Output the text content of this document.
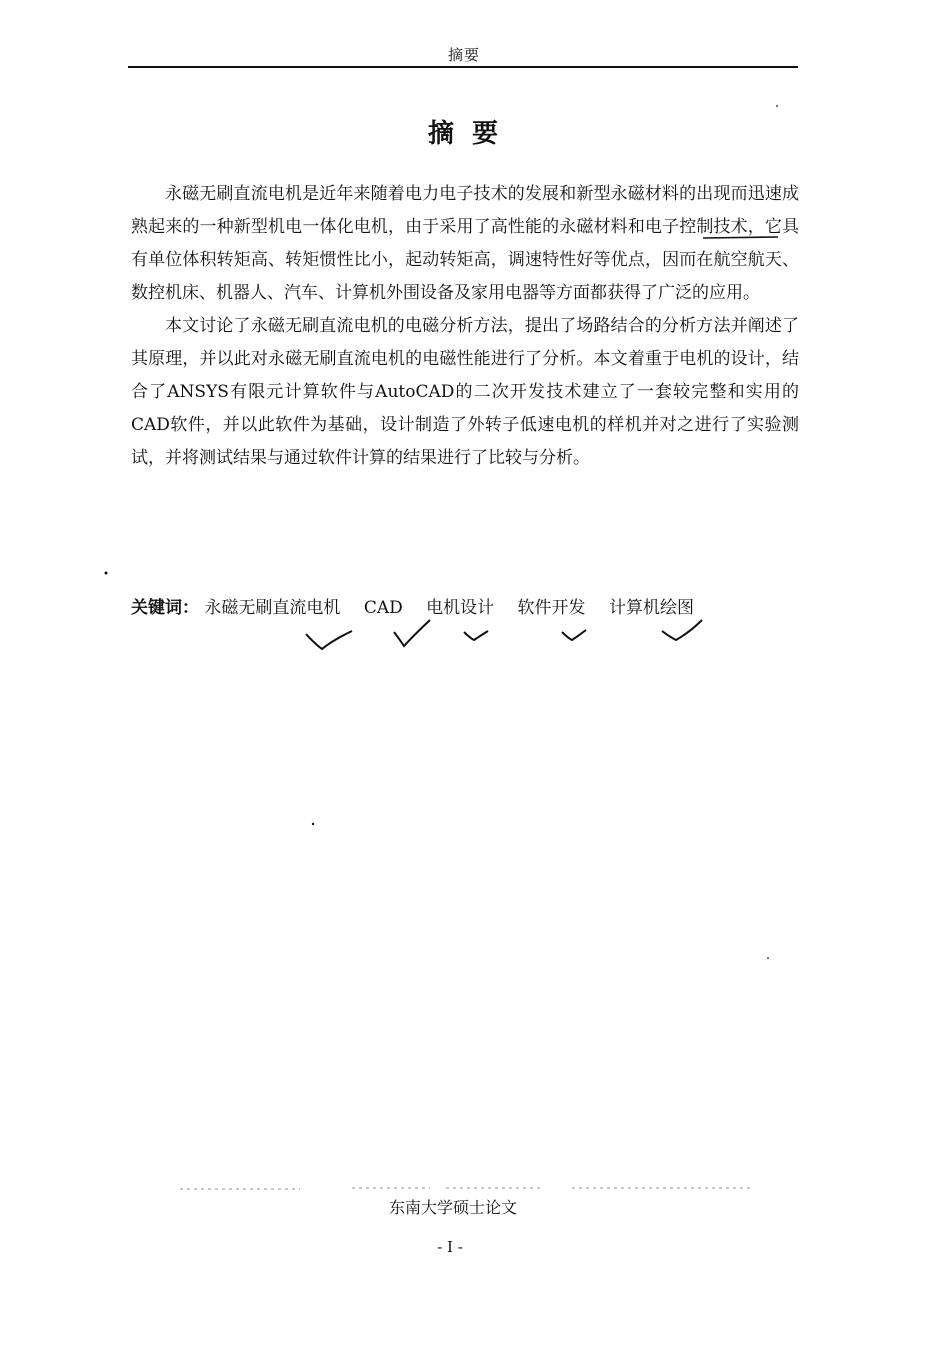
摘要
摘要

永磁无刷直流电机是近年来随着电力电子技术的发展和新型永磁材料的出现而迅速成熟起来的一种新型机电一体化电机，由于采用了高性能的永磁材料和电子控制技术，它具有单位体积转矩高、转矩惯性比小，起动转矩高，调速特性好等优点，因而在航空航天、数控机床、机器人、汽车、计算机外围设备及家用电器等方面都获得了广泛的应用。

本文讨论了永磁无刷直流电机的电磁分析方法，提出了场路结合的分析方法并阐述了其原理，并以此对永磁无刷直流电机的电磁性能进行了分析。本文着重于电机的设计，结合了ANSYS有限元计算软件与AutoCAD的二次开发技术建立了一套较完整和实用的CAD软件，并以此软件为基础，设计制造了外转子低速电机的样机并对之进行了实验测试，并将测试结果与通过软件计算的结果进行了比较与分析。

关键词： 永磁无刷直流电机 CAD 电机设计 软件开发 计算机绘图
东南大学硕士论文
- I -
